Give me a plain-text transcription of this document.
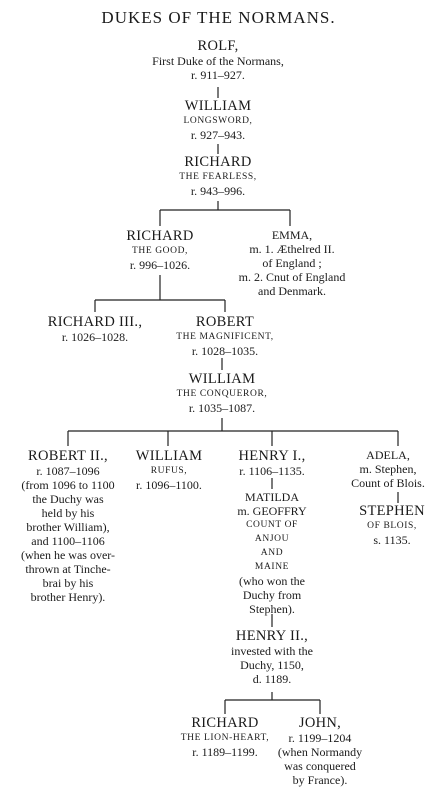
DUKES OF THE NORMANS.
ROLF,
First Duke of the Normans,
r. 911–927.
WILLIAM
LONGSWORD,
r. 927–943.
RICHARD
THE FEARLESS,
r. 943–996.
RICHARD
THE GOOD,
r. 996–1026.
EMMA,
m. 1. Æthelred II.
of England ;
m. 2. Cnut of England
and Denmark.
RICHARD III.,
r. 1026–1028.
ROBERT
THE MAGNIFICENT,
r. 1028–1035.
WILLIAM
THE CONQUEROR,
r. 1035–1087.
ROBERT II.,
r. 1087–1096
(from 1096 to 1100
the Duchy was
held by his
brother William),
and 1100–1106
(when he was over-
thrown at Tinche-
brai by his
brother Henry).
WILLIAM
RUFUS,
r. 1096–1100.
HENRY I.,
r. 1106–1135.
ADELA,
m. Stephen,
Count of Blois.
MATILDA
m. GEOFFRY
COUNT OF
ANJOU
AND
MAINE
(who won the
Duchy from
Stephen).
STEPHEN
OF BLOIS,
s. 1135.
HENRY II.,
invested with the
Duchy, 1150,
d. 1189.
RICHARD
THE LION-HEART,
r. 1189–1199.
JOHN,
r. 1199–1204
(when Normandy
was conquered
by France).
